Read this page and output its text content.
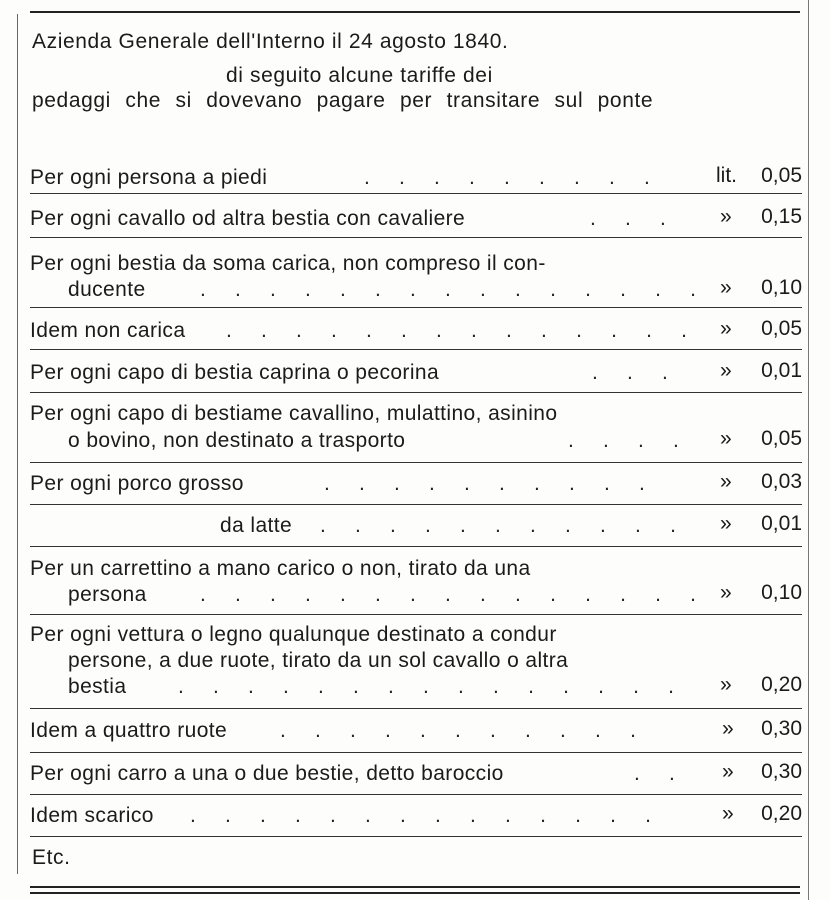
Azienda Generale dell'Interno il 24 agosto 1840.
di seguito alcune tariffe dei
pedaggi che si dovevano pagare per transitare sul ponte
Per ogni persona a piedi	.     .     .     .     .     .     .     .     .	lit. 0,05
Per ogni cavallo od altra bestia con cavaliere	.     .     .	» 0,15
Per ogni bestia da soma carica, non compreso il con-
ducente	.     .     .     .     .     .     .     .     .     .     .     .     .     .     . » 0,10
Idem non carica .     .     .     .     .     .     .     .     .     .     .     .     .     . » 0,05
Per ogni capo di bestia caprina o pecorina	.     .     . » 0,01
Per ogni capo di bestiame cavallino, mulattino, asinino
o bovino, non destinato a trasporto	.     .     .     . » 0,05
Per ogni porco grosso	.     .     .     .     .     .     .     .     .     .	» 0,03
da latte .     .     .     .     .     .     .     .     .     .     . » 0,01
Per un carrettino a mano carico o non, tirato da una
persona	.     .     .     .     .     .     .     .     .     .     .     .     .     .     . » 0,10
Per ogni vettura o legno qualunque destinato a condur
persone, a due ruote, tirato da un sol cavallo o altra
bestia .     .     .     .     .     .     .     .     .     .     .     .     .     .     . » 0,20
Idem a quattro ruote	.     .     .     .     .     .     .     .     .     .     .	» 0,30
Per ogni carro a una o due bestie, detto baroccio	.     . » 0,30
Idem scarico .     .     .     .     .     .     .     .     .     .     .     .     .     .	» 0,20
Etc.
